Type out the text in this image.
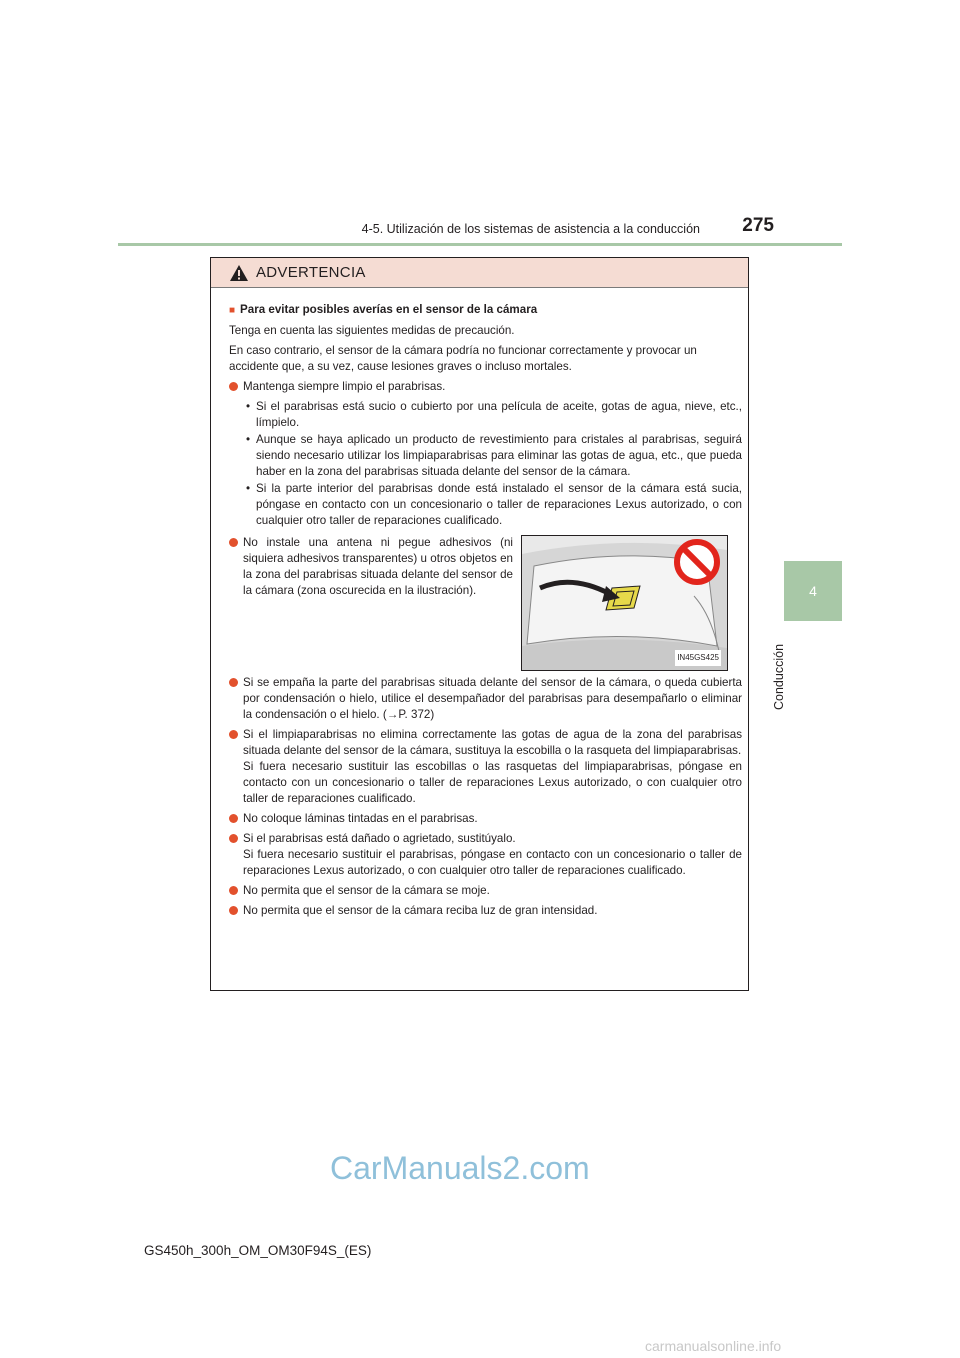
4-5. Utilización de los sistemas de asistencia a la conducción	275
4
Conducción
ADVERTENCIA
■ Para evitar posibles averías en el sensor de la cámara

Tenga en cuenta las siguientes medidas de precaución.

En caso contrario, el sensor de la cámara podría no funcionar correctamente y provocar un accidente que, a su vez, cause lesiones graves o incluso mortales.

Mantenga siempre limpio el parabrisas.
• Si el parabrisas está sucio o cubierto por una película de aceite, gotas de agua, nieve, etc., límpielo.
• Aunque se haya aplicado un producto de revestimiento para cristales al parabrisas, seguirá siendo necesario utilizar los limpiaparabrisas para eliminar las gotas de agua, etc., que pueda haber en la zona del parabrisas situada delante del sensor de la cámara.
• Si la parte interior del parabrisas donde está instalado el sensor de la cámara está sucia, póngase en contacto con un concesionario o taller de reparaciones Lexus autorizado, o con cualquier otro taller de reparaciones cualificado.
No instale una antena ni pegue adhesivos (ni siquiera adhesivos transparentes) u otros objetos en la zona del parabrisas situada delante del sensor de la cámara (zona oscurecida en la ilustración).
IN45GS425
Si se empaña la parte del parabrisas situada delante del sensor de la cámara, o queda cubierta por condensación o hielo, utilice el desempañador del parabrisas para desempañarlo o eliminar la condensación o el hielo. (→P. 372)
Si el limpiaparabrisas no elimina correctamente las gotas de agua de la zona del parabrisas situada delante del sensor de la cámara, sustituya la escobilla o la rasqueta del limpiaparabrisas.
Si fuera necesario sustituir las escobillas o las rasquetas del limpiaparabrisas, póngase en contacto con un concesionario o taller de reparaciones Lexus autorizado, o con cualquier otro taller de reparaciones cualificado.
No coloque láminas tintadas en el parabrisas.
Si el parabrisas está dañado o agrietado, sustitúyalo.
Si fuera necesario sustituir el parabrisas, póngase en contacto con un concesionario o taller de reparaciones Lexus autorizado, o con cualquier otro taller de reparaciones cualificado.
No permita que el sensor de la cámara se moje.
No permita que el sensor de la cámara reciba luz de gran intensidad.
CarManuals2.com
GS450h_300h_OM_OM30F94S_(ES)
carmanualsonline.info
